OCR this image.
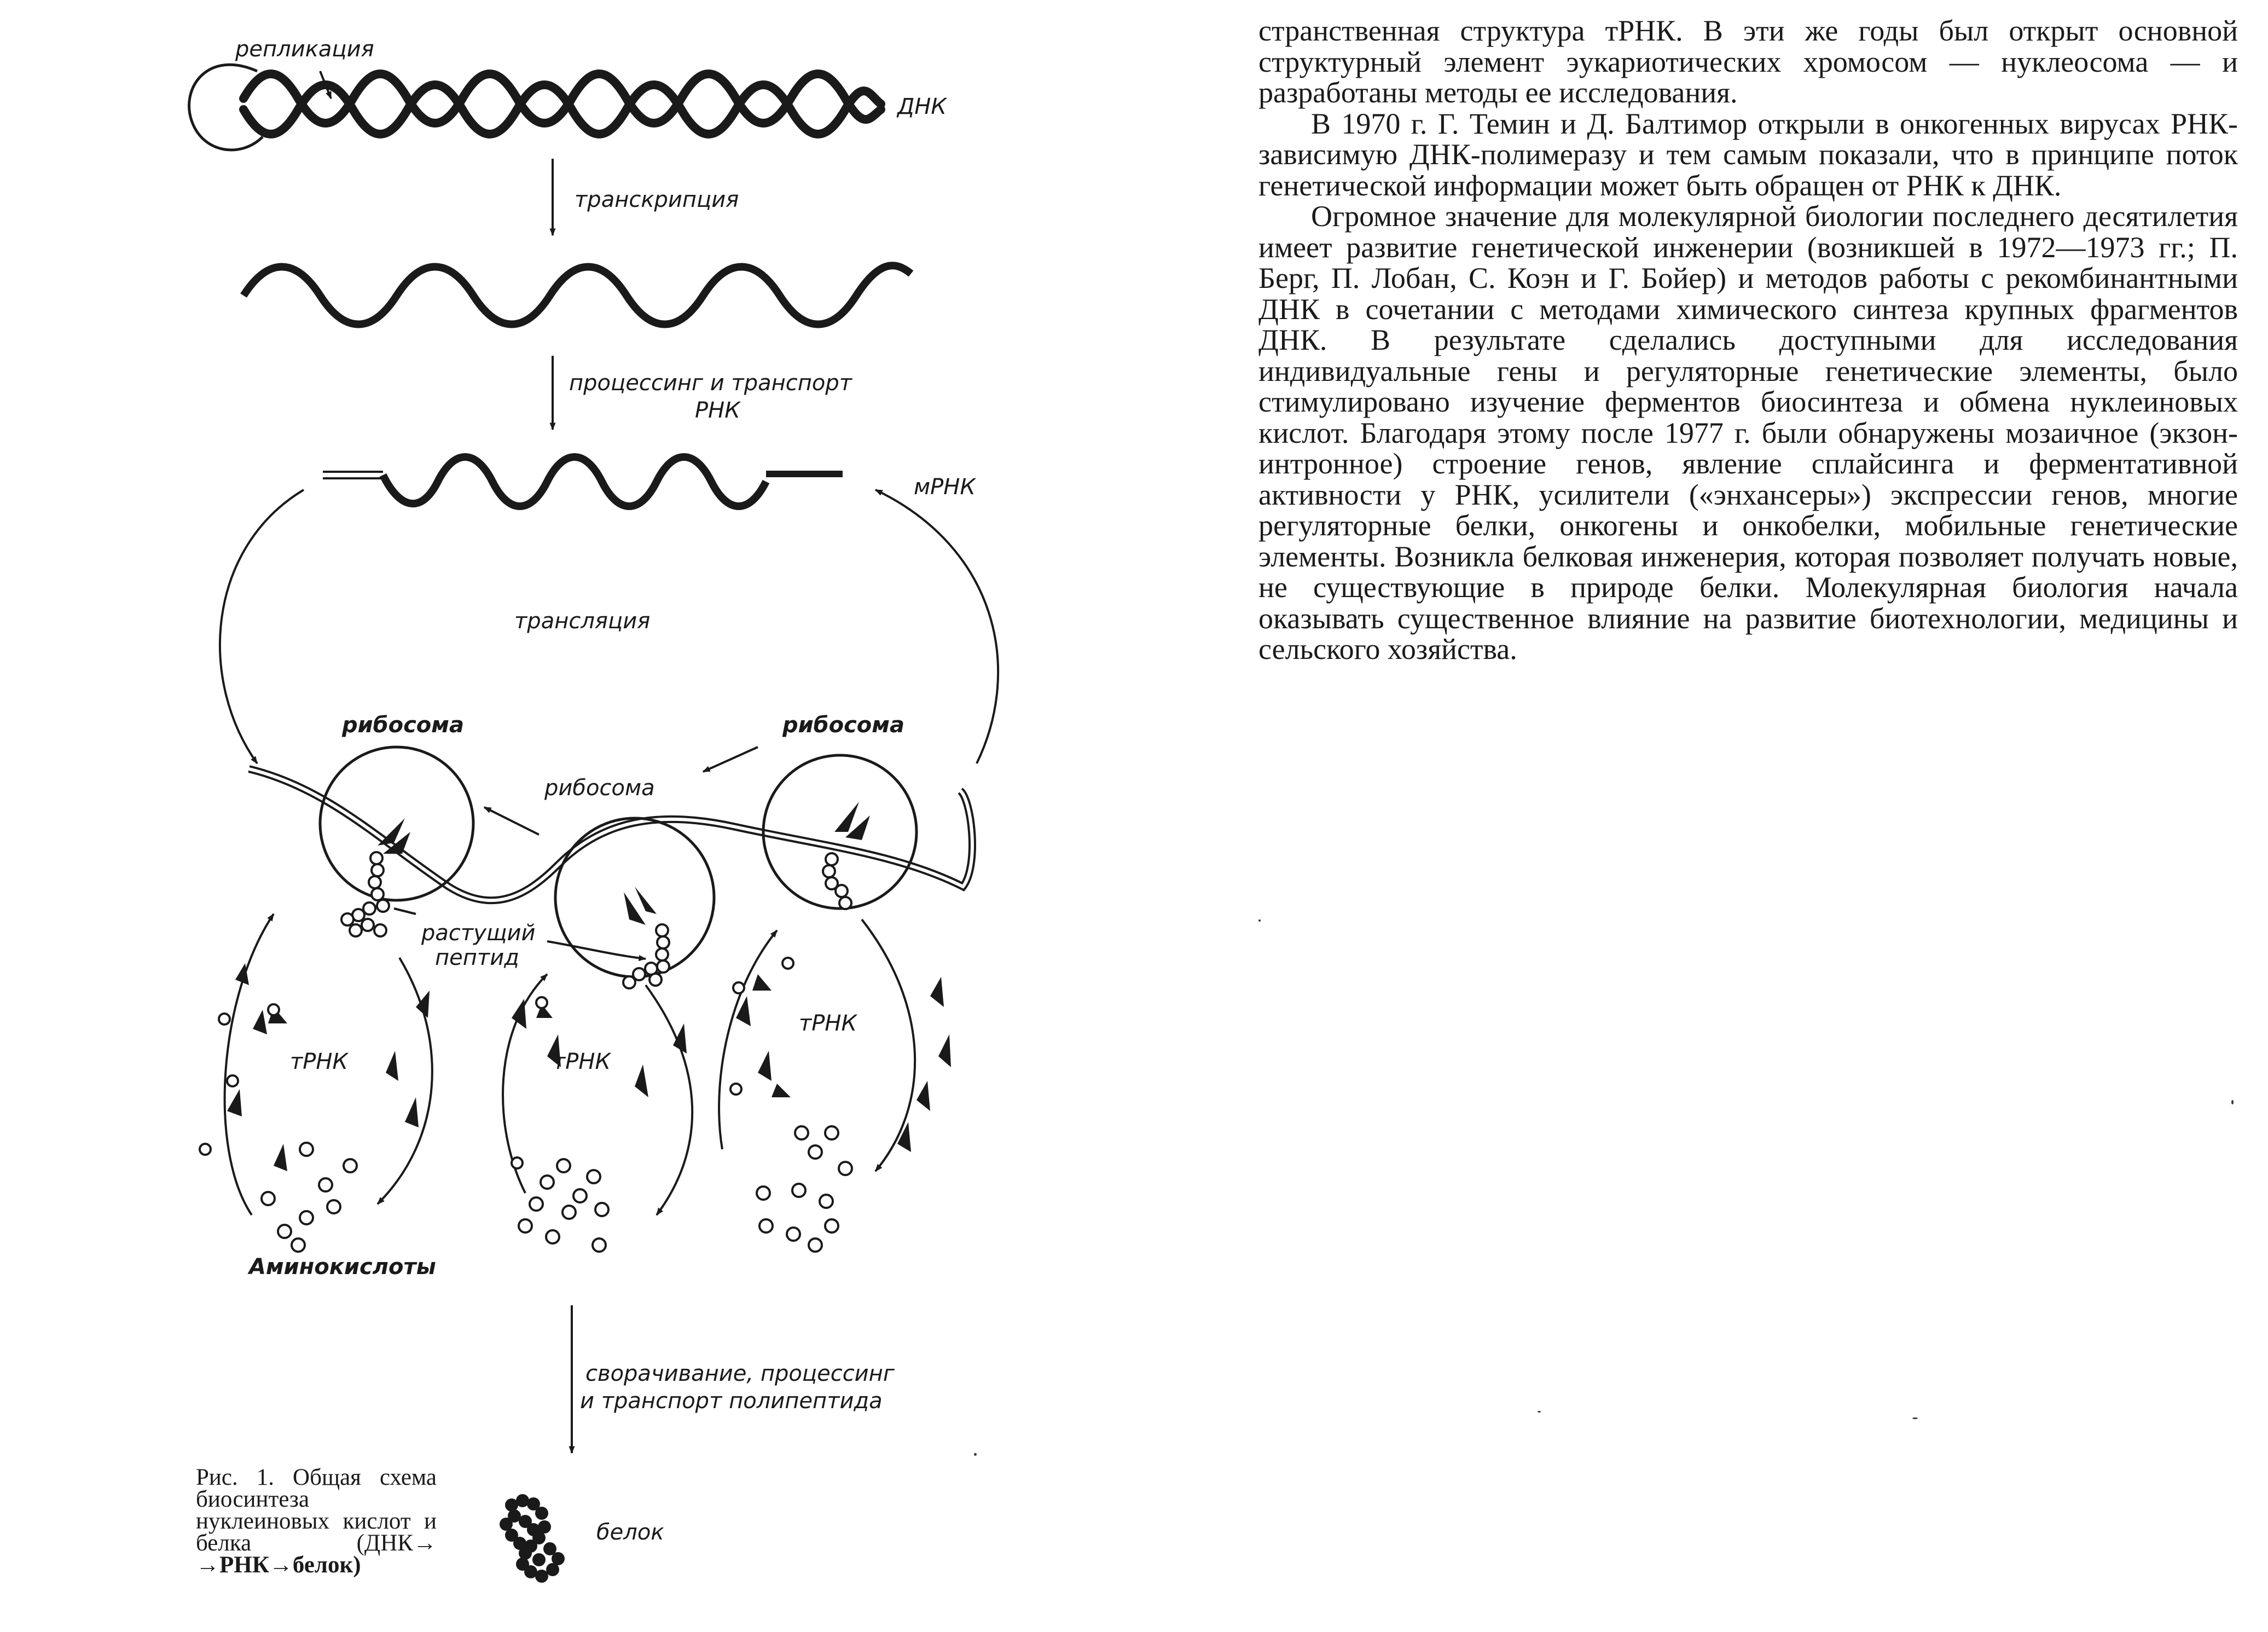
репликация
ДНК
транскрипция
процессинг и транспорт
РНК
мРНК
трансляция
рибосома
рибосома
рибосома
растущий
пептид
тРНК	тРНК
тРНК
Аминокислоты
сворачивание, процессинг
и транспорт полипептида
белок
Рис. 1. Общая схема биосинтеза нуклеиновых кислот и белка (ДНК→ →РНК→белок)

странственная структура тРНК. В эти же годы был открыт основной структурный элемент эукариотических хромосом — нуклеосома — и разработаны методы ее исследования.

В 1970 г. Г. Темин и Д. Балтимор открыли в онкогенных вирусах РНК-зависимую ДНК-полимеразу и тем самым показали, что в принципе поток генетической информации может быть обращен от РНК к ДНК.

Огромное значение для молекулярной биологии последнего десятилетия имеет развитие генетической инженерии (возникшей в 1972—1973 гг.; П. Берг, П. Лобан, С. Коэн и Г. Бойер) и методов работы с рекомбинантными ДНК в сочетании с методами химического синтеза крупных фрагментов ДНК. В результате сделались доступными для исследования индивидуальные гены и регуляторные генетические элементы, было стимулировано изучение ферментов биосинтеза и обмена нуклеиновых кислот. Благодаря этому после 1977 г. были обнаружены мозаичное (экзон-интронное) строение генов, явление сплайсинга и ферментативной активности у РНК, усилители («энхансеры») экспрессии генов, многие регуляторные белки, онкогены и онкобелки, мобильные генетические элементы. Возникла белковая инженерия, которая позволяет получать новые, не существующие в природе белки. Молекулярная биология начала оказывать существенное влияние на развитие биотехнологии, медицины и сельского хозяйства.
